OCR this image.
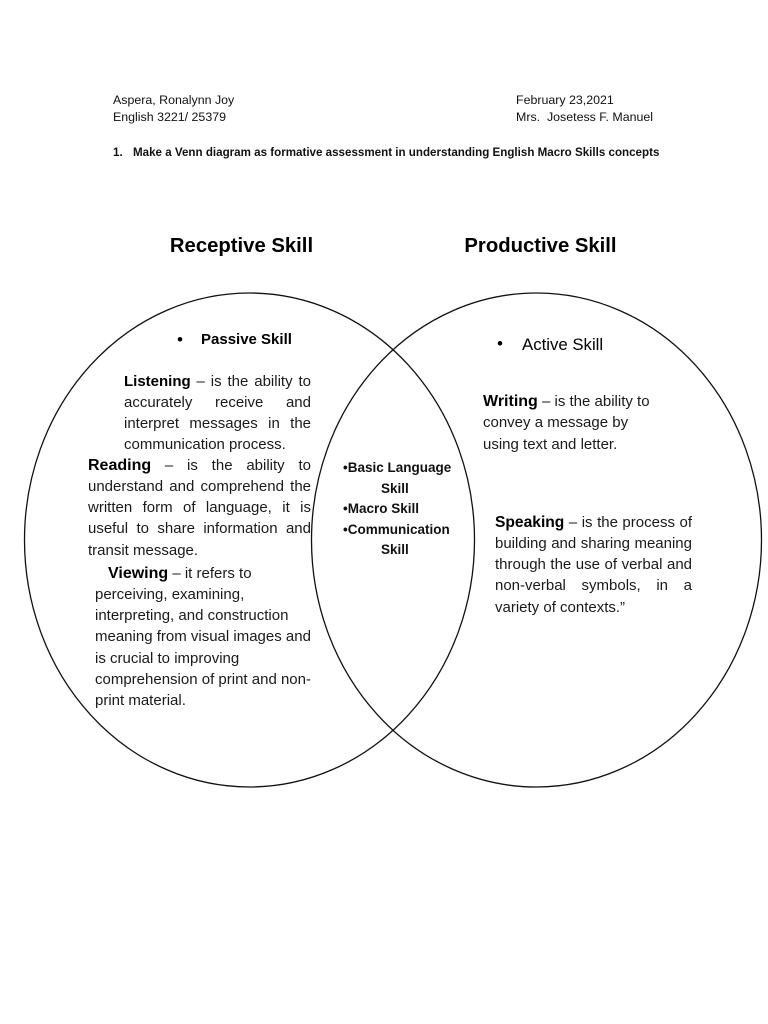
Aspera, Ronalynn Joy
English 3221/ 25379
February 23,2021
Mrs.  Josetess F. Manuel
1. Make a Venn diagram as formative assessment in understanding English Macro Skills concepts
Receptive Skill	Productive Skill
• Passive Skill	• Active Skill
Listening – is the ability to
accurately receive and
interpret messages in the
communication process.
Reading – is the ability to
understand and comprehend the
written form of language, it is
useful to share information and
transit message.
Viewing – it refers to
perceiving, examining,
interpreting, and construction
meaning from visual images and
is crucial to improving
comprehension of print and non-
print material.
•Basic Language
Skill
•Macro Skill
•Communication
Skill
Writing – is the ability to
convey a message by
using text and letter.
Speaking – is the process of
building and sharing meaning
through the use of verbal and
non-verbal symbols, in a
variety of contexts.”
